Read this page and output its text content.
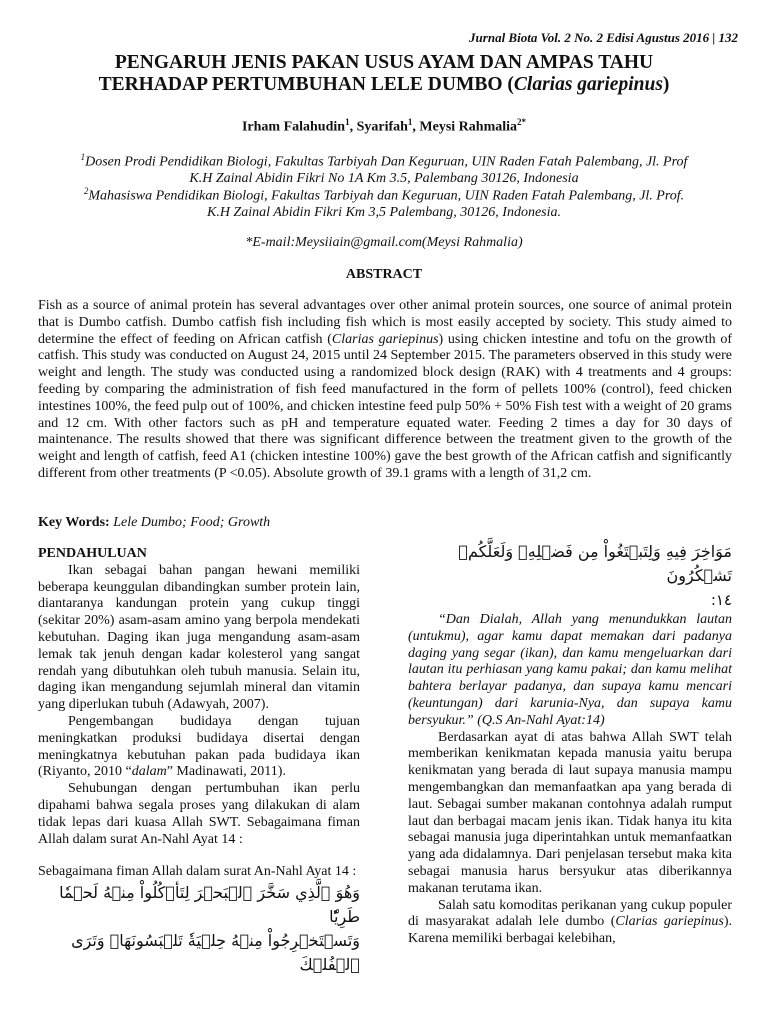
Jurnal Biota Vol. 2 No. 2 Edisi Agustus 2016 | 132
PENGARUH JENIS PAKAN USUS AYAM DAN AMPAS TAHU
TERHADAP PERTUMBUHAN LELE DUMBO (Clarias gariepinus)
Irham Falahudin$^1$, Syarifah$^1$, Meysi Rahmalia$^{2*}$
$^1$Dosen Prodi Pendidikan Biologi, Fakultas Tarbiyah Dan Keguruan, UIN Raden Fatah Palembang, Jl. Prof
K.H Zainal Abidin Fikri No 1A Km 3.5, Palembang 30126, Indonesia
$^2$Mahasiswa Pendidikan Biologi, Fakultas Tarbiyah dan Keguruan, UIN Raden Fatah Palembang, Jl. Prof.
K.H Zainal Abidin Fikri Km 3,5 Palembang, 30126, Indonesia.
*E-mail:Meysiiain@gmail.com(Meysi Rahmalia)
ABSTRACT
Fish as a source of animal protein has several advantages over other animal protein sources, one source of animal protein that is Dumbo catfish. Dumbo catfish fish including fish which is most easily accepted by society. This study aimed to determine the effect of feeding on African catfish (Clarias gariepinus) using chicken intestine and tofu on the growth of catfish. This study was conducted on August 24, 2015 until 24 September 2015. The parameters observed in this study were weight and length. The study was conducted using a randomized block design (RAK) with 4 treatments and 4 groups: feeding by comparing the administration of fish feed manufactured in the form of pellets 100% (control), feed chicken intestines 100%, the feed pulp out of 100%, and chicken intestine feed pulp 50% + 50% Fish test with a weight of 20 grams and 12 cm. With other factors such as pH and temperature equated water. Feeding 2 times a day for 30 days of maintenance. The results showed that there was significant difference between the treatment given to the growth of the weight and length of catfish, feed A1 (chicken intestine 100%) gave the best growth of the African catfish and significantly different from other treatments (P <0.05). Absolute growth of 39.1 grams with a length of 31,2 cm.
Key Words: Lele Dumbo; Food; Growth
PENDAHULUAN

Ikan sebagai bahan pangan hewani memiliki beberapa keunggulan dibandingkan sumber protein lain, diantaranya kandungan protein yang cukup tinggi (sekitar 20%) asam-asam amino yang berpola mendekati kebutuhan. Daging ikan juga mengandung asam-asam lemak tak jenuh dengan kadar kolesterol yang sangat rendah yang dibutuhkan oleh tubuh manusia. Selain itu, daging ikan mengandung sejumlah mineral dan vitamin yang diperlukan tubuh (Adawyah, 2007).

Pengembangan budidaya dengan tujuan meningkatkan produksi budidaya disertai dengan meningkatnya kebutuhan pakan pada budidaya ikan (Riyanto, 2010 “dalam” Madinawati, 2011).

Sehubungan dengan pertumbuhan ikan perlu dipahami bahwa segala proses yang dilakukan di alam tidak lepas dari kuasa Allah SWT. Sebagaimana fiman Allah dalam surat An-Nahl Ayat 14 :

Sebagaimana fiman Allah dalam surat An-Nahl Ayat 14 :

وَهُوَ ٱلَّذِي سَخَّرَ ٱلۡبَحۡرَ لِتَأۡكُلُواْ مِنۡهُ لَحۡمٗا طَرِيّٗا
وَتَسۡتَخۡرِجُواْ مِنۡهُ حِلۡيَةٗ تَلۡبَسُونَهَاۖ وَتَرَى ٱلۡفُلۡكَ
مَوَاخِرَ فِيهِ وَلِتَبۡتَغُواْ مِن فَضۡلِهِۦ وَلَعَلَّكُمۡ تَشۡكُرُونَ
١٤:

“Dan Dialah, Allah yang menundukkan lautan (untukmu), agar kamu dapat memakan dari padanya daging yang segar (ikan), dan kamu mengeluarkan dari lautan itu perhiasan yang kamu pakai; dan kamu melihat bahtera berlayar padanya, dan supaya kamu mencari (keuntungan) dari karunia-Nya, dan supaya kamu bersyukur.” (Q.S An-Nahl Ayat:14)

Berdasarkan ayat di atas bahwa Allah SWT telah memberikan kenikmatan kepada manusia yaitu berupa kenikmatan yang berada di laut supaya manusia mampu mengembangkan dan memanfaatkan apa yang berada di laut. Sebagai sumber makanan contohnya adalah rumput laut dan berbagai macam jenis ikan. Tidak hanya itu kita sebagai manusia juga diperintahkan untuk memanfaatkan yang ada didalamnya. Dari penjelasan tersebut maka kita sebagai manusia harus bersyukur atas diberikannya makanan terutama ikan.

Salah satu komoditas perikanan yang cukup populer di masyarakat adalah lele dumbo (Clarias gariepinus). Karena memiliki berbagai kelebihan,
